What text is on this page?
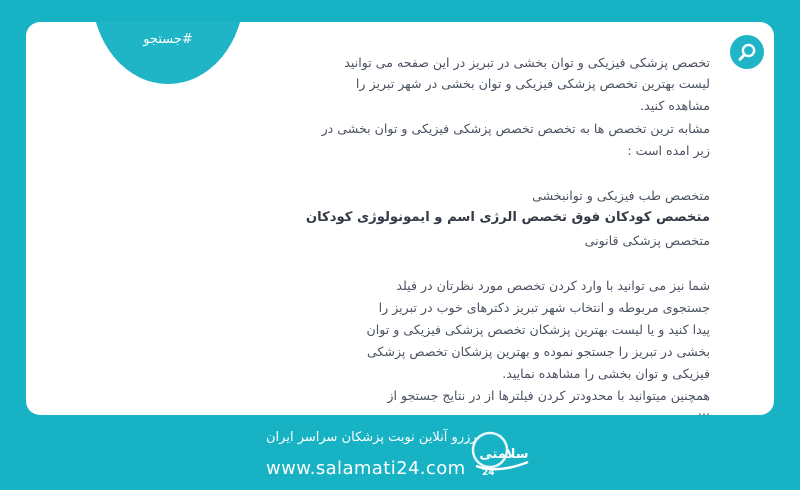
#جستجو
تخصص پزشکی فیزیکی و توان بخشی در تبریز در این صفحه می توانید
لیست بهترین تخصص پزشکی فیزیکی و توان بخشی در شهر تبریز را
مشاهده کنید.
مشابه ترین تخصص ها به تخصص تخصص پزشکی فیزیکی و توان بخشی در
زیر امده است :
متخصص طب فیزیکی و توانبخشی
متخصص کودکان فوق تخصص الرژی اسم و ایمونولوژی کودکان
متخصص پزشکی قانونی
شما نیز می توانید با وارد کردن تخصص مورد نظرتان در فیلد
جستجوی مربوطه و انتخاب شهر تبریز دکترهای خوب در تبریز را
پیدا کنید و یا لیست بهترین پزشکان تخصص پزشکی فیزیکی و توان
بخشی در تبریز را جستجو نموده و بهترین پزشکان تخصص پزشکی
فیزیکی و توان بخشی را مشاهده نمایید.
همچنین میتوانید با محدودتر کردن فیلترها از در نتایج جستجو از
...
سلامتی
24
رزرو آنلاین نوبت پزشکان سراسر ایران
www.salamati24.com
